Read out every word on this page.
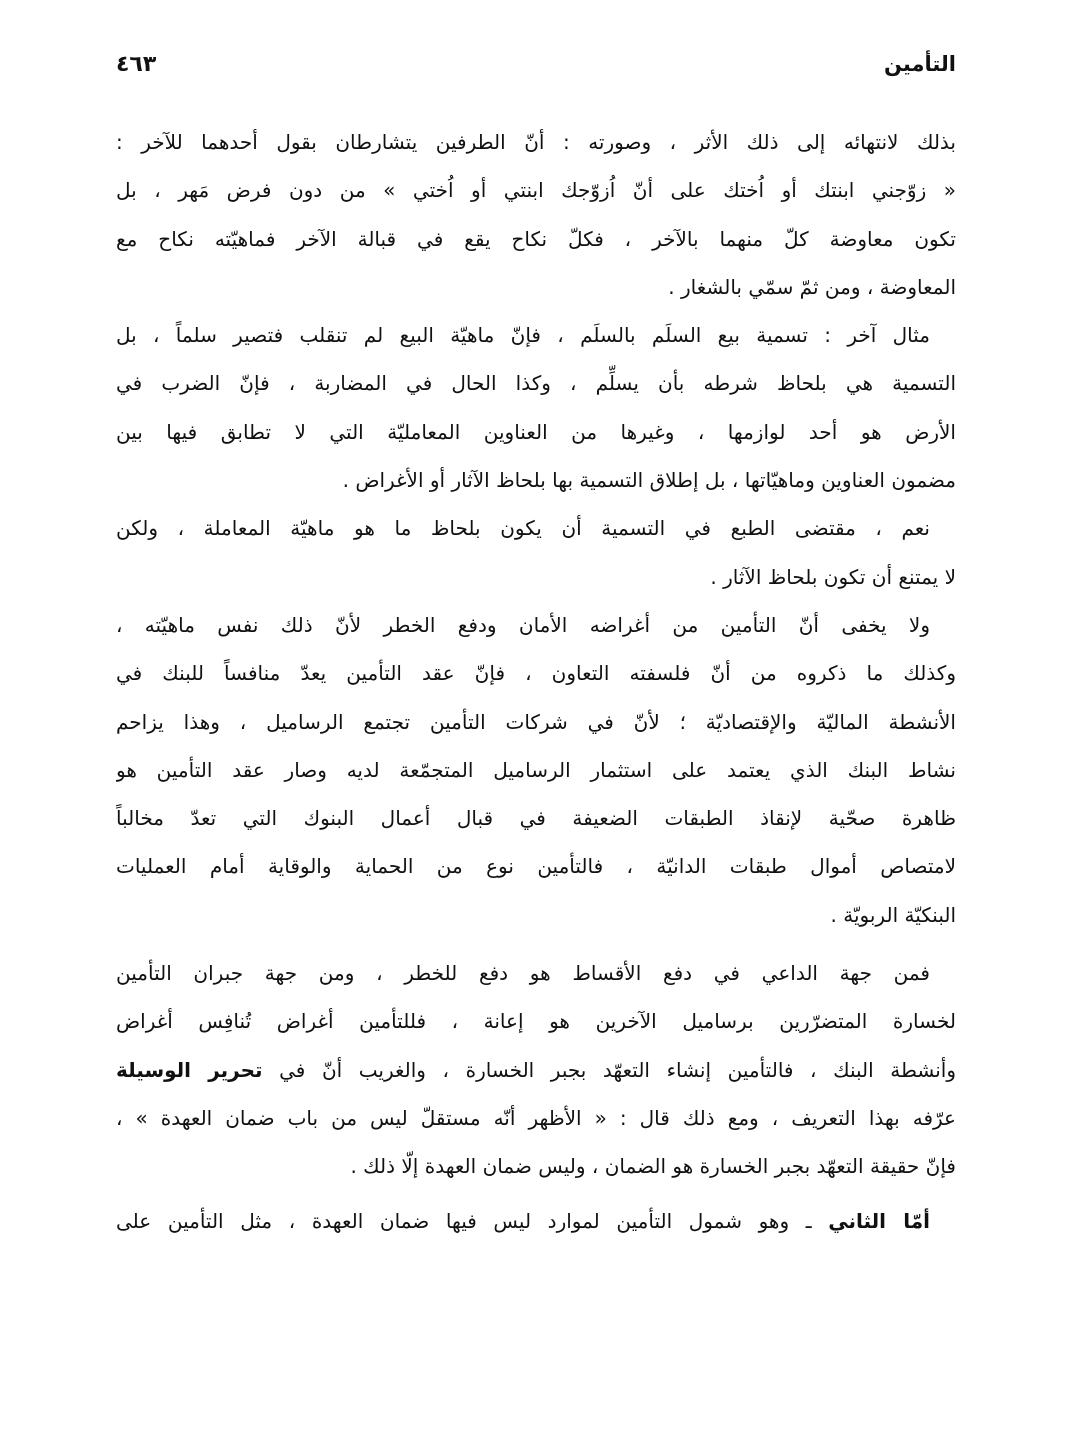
التأمين
٤٦٣
بذلك لانتهائه إلى ذلك الأثر ، وصورته : أنّ الطرفين يتشارطان بقول أحدهما للآخر :
« زوّجني ابنتك أو اُختك على أنّ اُزوّجك ابنتي أو اُختي » من دون فرض مَهر ، بل
تكون معاوضة كلّ منهما بالآخر ، فكلّ نكاح يقع في قبالة الآخر فماهيّته نكاح مع
المعاوضة ، ومن ثمّ سمّي بالشغار .
مثال آخر : تسمية بيع السلَم بالسلَم ، فإنّ ماهيّة البيع لم تنقلب فتصير سلماً ، بل
التسمية هي بلحاظ شرطه بأن يسلِّم ، وكذا الحال في المضاربة ، فإنّ الضرب في
الأرض هو أحد لوازمها ، وغيرها من العناوين المعامليّة التي لا تطابق فيها بين
مضمون العناوين وماهيّاتها ، بل إطلاق التسمية بها بلحاظ الآثار أو الأغراض .
نعم ، مقتضى الطبع في التسمية أن يكون بلحاظ ما هو ماهيّة المعاملة ، ولكن
لا يمتنع أن تكون بلحاظ الآثار .
ولا يخفى أنّ التأمين من أغراضه الأمان ودفع الخطر لأنّ ذلك نفس ماهيّته ،
وكذلك ما ذكروه من أنّ فلسفته التعاون ، فإنّ عقد التأمين يعدّ منافساً للبنك في
الأنشطة الماليّة والإقتصاديّة ؛ لأنّ في شركات التأمين تجتمع الرساميل ، وهذا يزاحم
نشاط البنك الذي يعتمد على استثمار الرساميل المتجمّعة لديه وصار عقد التأمين هو
ظاهرة صحّية لإنقاذ الطبقات الضعيفة في قبال أعمال البنوك التي تعدّ مخالباً
لامتصاص أموال طبقات الدانيّة ، فالتأمين نوع من الحماية والوقاية أمام العمليات
البنكيّة الربويّة .
فمن جهة الداعي في دفع الأقساط هو دفع للخطر ، ومن جهة جبران التأمين
لخسارة المتضرّرين برساميل الآخرين هو إعانة ، فللتأمين أغراض تُنافِس أغراض
وأنشطة البنك ، فالتأمين إنشاء التعهّد بجبر الخسارة ، والغريب أنّ في تحرير الوسيلة
عرّفه بهذا التعريف ، ومع ذلك قال : « الأظهر أنّه مستقلّ ليس من باب ضمان العهدة » ،
فإنّ حقيقة التعهّد بجبر الخسارة هو الضمان ، وليس ضمان العهدة إلّا ذلك .
أمّا الثاني ـ وهو شمول التأمين لموارد ليس فيها ضمان العهدة ، مثل التأمين على
